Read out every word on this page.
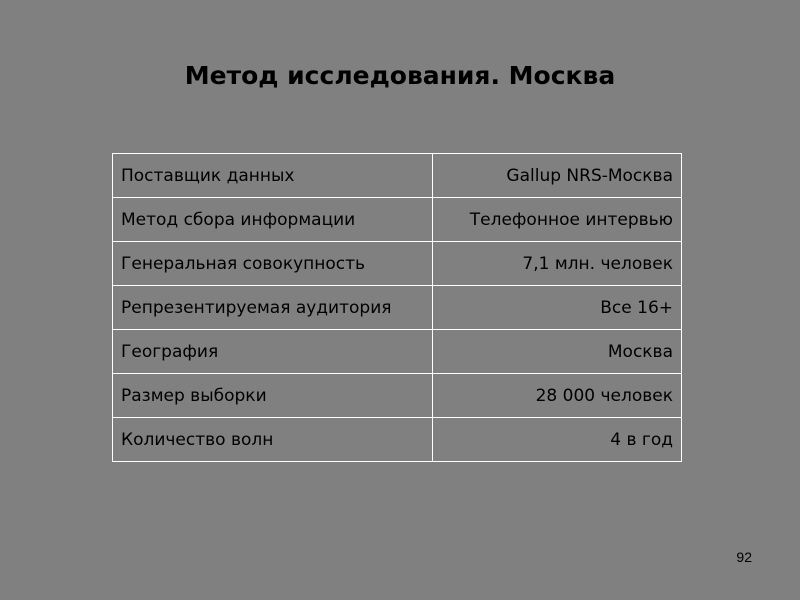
Метод исследования. Москва
Поставщик данных	Gallup NRS-Москва
Метод сбора информации	Телефонное интервью
Генеральная совокупность	7,1 млн. человек
Репрезентируемая аудитория	Все 16+
География	Москва
Размер выборки	28 000 человек
Количество волн	4 в год
92
